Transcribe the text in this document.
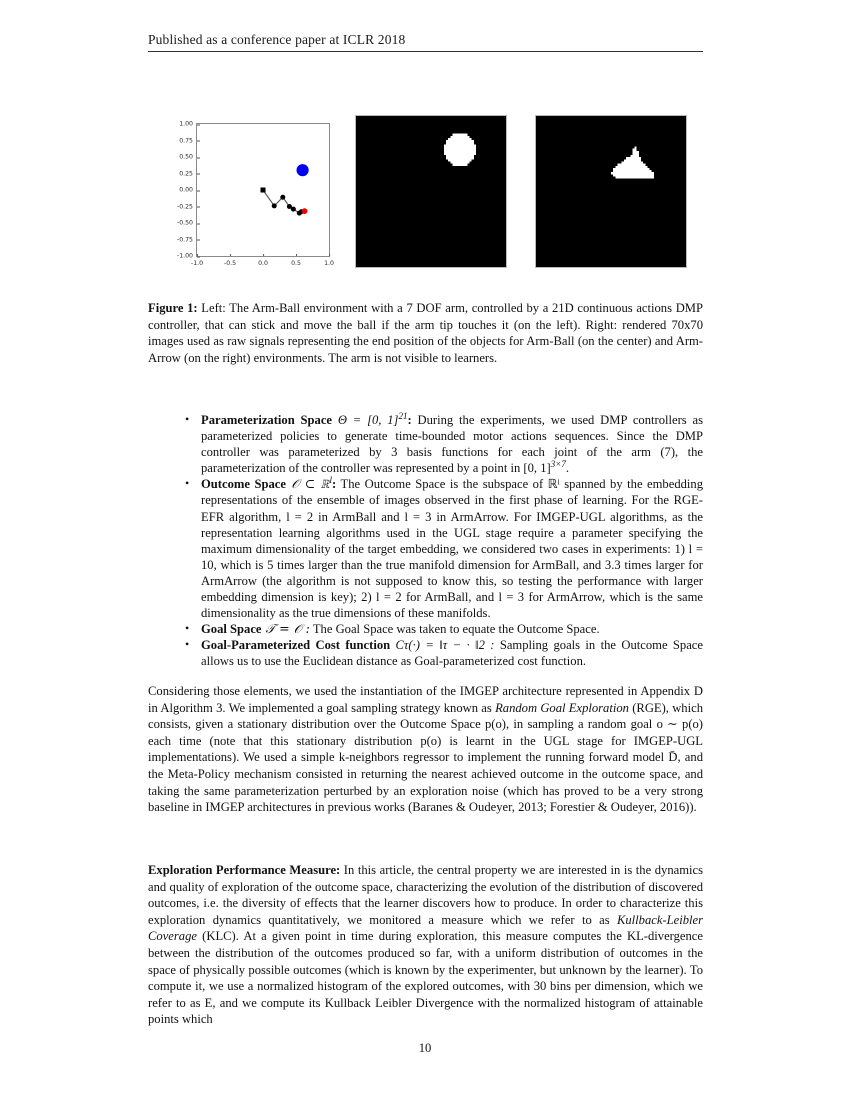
Published as a conference paper at ICLR 2018
1.00
0.75
0.50
0.25
0.00
-0.25
-0.50
-0.75
-1.00
-1.0	-0.5	0.0	0.5	1.0
Figure 1: Left: The Arm-Ball environment with a 7 DOF arm, controlled by a 21D continuous actions DMP controller, that can stick and move the ball if the arm tip touches it (on the left). Right: rendered 70x70 images used as raw signals representing the end position of the objects for Arm-Ball (on the center) and Arm-Arrow (on the right) environments. The arm is not visible to learners.
• Parameterization Space Θ = [0, 1]$^{21}$: During the experiments, we used DMP controllers as parameterized policies to generate time-bounded motor actions sequences. Since the DMP controller was parameterized by 3 basis functions for each joint of the arm (7), the parameterization of the controller was represented by a point in [0, 1]$^{3\times 7}$.
• Outcome Space 𝒪 ⊂ ℝ$^l$: The Outcome Space is the subspace of ℝˡ spanned by the embedding representations of the ensemble of images observed in the first phase of learning. For the RGE-EFR algorithm, l = 2 in ArmBall and l = 3 in ArmArrow. For IMGEP-UGL algorithms, as the representation learning algorithms used in the UGL stage require a parameter specifying the maximum dimensionality of the target embedding, we considered two cases in experiments: 1) l = 10, which is 5 times larger than the true manifold dimension for ArmBall, and 3.3 times larger for ArmArrow (the algorithm is not supposed to know this, so testing the performance with larger embedding dimension is key); 2) l = 2 for ArmBall, and l = 3 for ArmArrow, which is the same dimensionality as the true dimensions of these manifolds.
• Goal Space 𝒯 = 𝒪 : The Goal Space was taken to equate the Outcome Space.
• Goal-Parameterized Cost function Cτ(·) = ‖τ − · ‖2 : Sampling goals in the Outcome Space allows us to use the Euclidean distance as Goal-parameterized cost function.
Considering those elements, we used the instantiation of the IMGEP architecture represented in Appendix D in Algorithm 3. We implemented a goal sampling strategy known as Random Goal Exploration (RGE), which consists, given a stationary distribution over the Outcome Space p(o), in sampling a random goal o ∼ p(o) each time (note that this stationary distribution p(o) is learnt in the UGL stage for IMGEP-UGL implementations). We used a simple k-neighbors regressor to implement the running forward model D̄, and the Meta-Policy mechanism consisted in returning the nearest achieved outcome in the outcome space, and taking the same parameterization perturbed by an exploration noise (which has proved to be a very strong baseline in IMGEP architectures in previous works (Baranes & Oudeyer, 2013; Forestier & Oudeyer, 2016)).
Exploration Performance Measure: In this article, the central property we are interested in is the dynamics and quality of exploration of the outcome space, characterizing the evolution of the distribution of discovered outcomes, i.e. the diversity of effects that the learner discovers how to produce. In order to characterize this exploration dynamics quantitatively, we monitored a measure which we refer to as Kullback-Leibler Coverage (KLC). At a given point in time during exploration, this measure computes the KL-divergence between the distribution of the outcomes produced so far, with a uniform distribution of outcomes in the space of physically possible outcomes (which is known by the experimenter, but unknown by the learner). To compute it, we use a normalized histogram of the explored outcomes, with 30 bins per dimension, which we refer to as E, and we compute its Kullback Leibler Divergence with the normalized histogram of attainable points which
10
